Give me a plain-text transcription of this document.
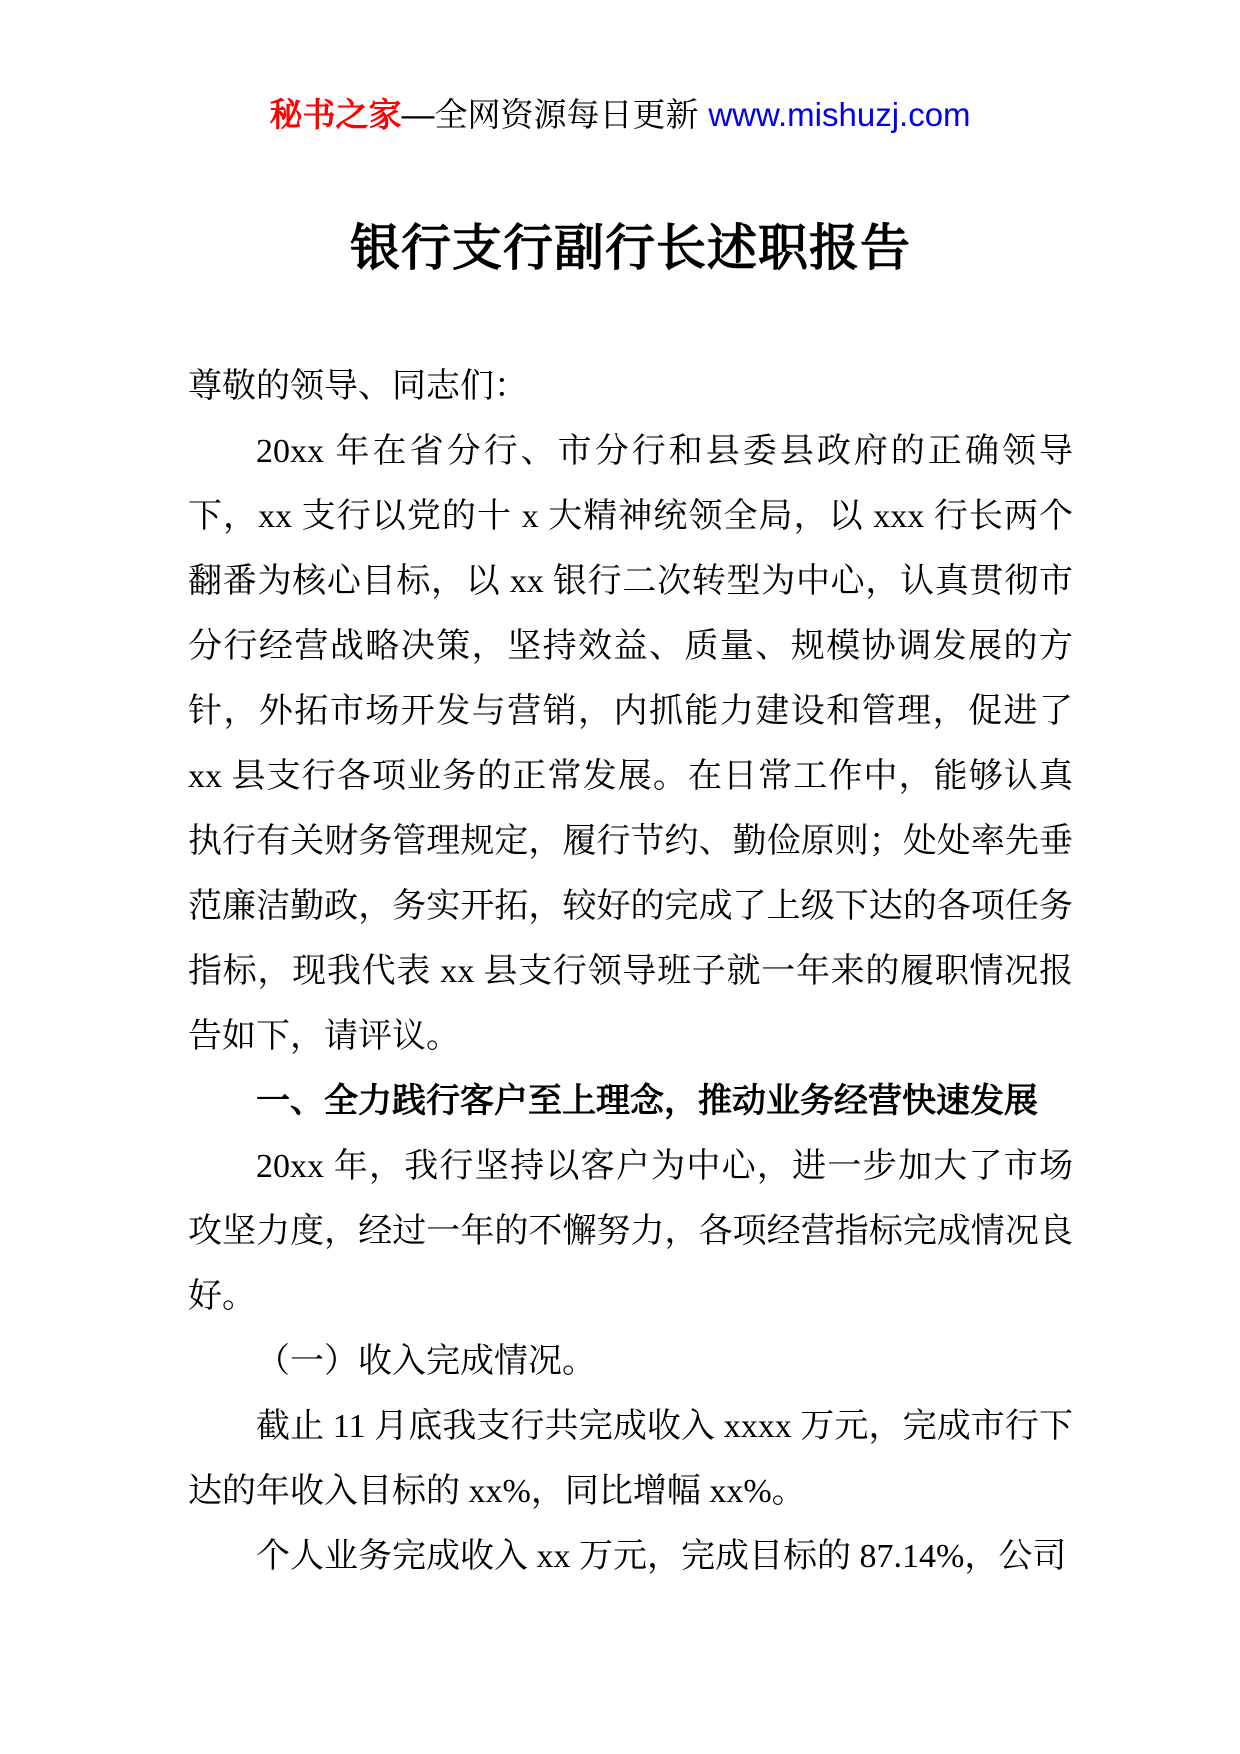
秘书之家—全网资源每日更新 www.mishuzj.com
银行支行副行长述职报告

尊敬的领导、同志们：

20xx 年在省分行、市分行和县委县政府的正确领导下，xx 支行以党的十 x 大精神统领全局，以 xxx 行长两个翻番为核心目标，以 xx 银行二次转型为中心，认真贯彻市分行经营战略决策，坚持效益、质量、规模协调发展的方针，外拓市场开发与营销，内抓能力建设和管理，促进了 xx 县支行各项业务的正常发展。在日常工作中，能够认真执行有关财务管理规定，履行节约、勤俭原则；处处率先垂范廉洁勤政，务实开拓，较好的完成了上级下达的各项任务指标，现我代表 xx 县支行领导班子就一年来的履职情况报告如下，请评议。

一、全力践行客户至上理念，推动业务经营快速发展

20xx 年，我行坚持以客户为中心，进一步加大了市场攻坚力度，经过一年的不懈努力，各项经营指标完成情况良好。

（一）收入完成情况。

截止 11 月底我支行共完成收入 xxxx 万元，完成市行下达的年收入目标的 xx%，同比增幅 xx%。

个人业务完成收入 xx 万元，完成目标的 87.14%，公司
